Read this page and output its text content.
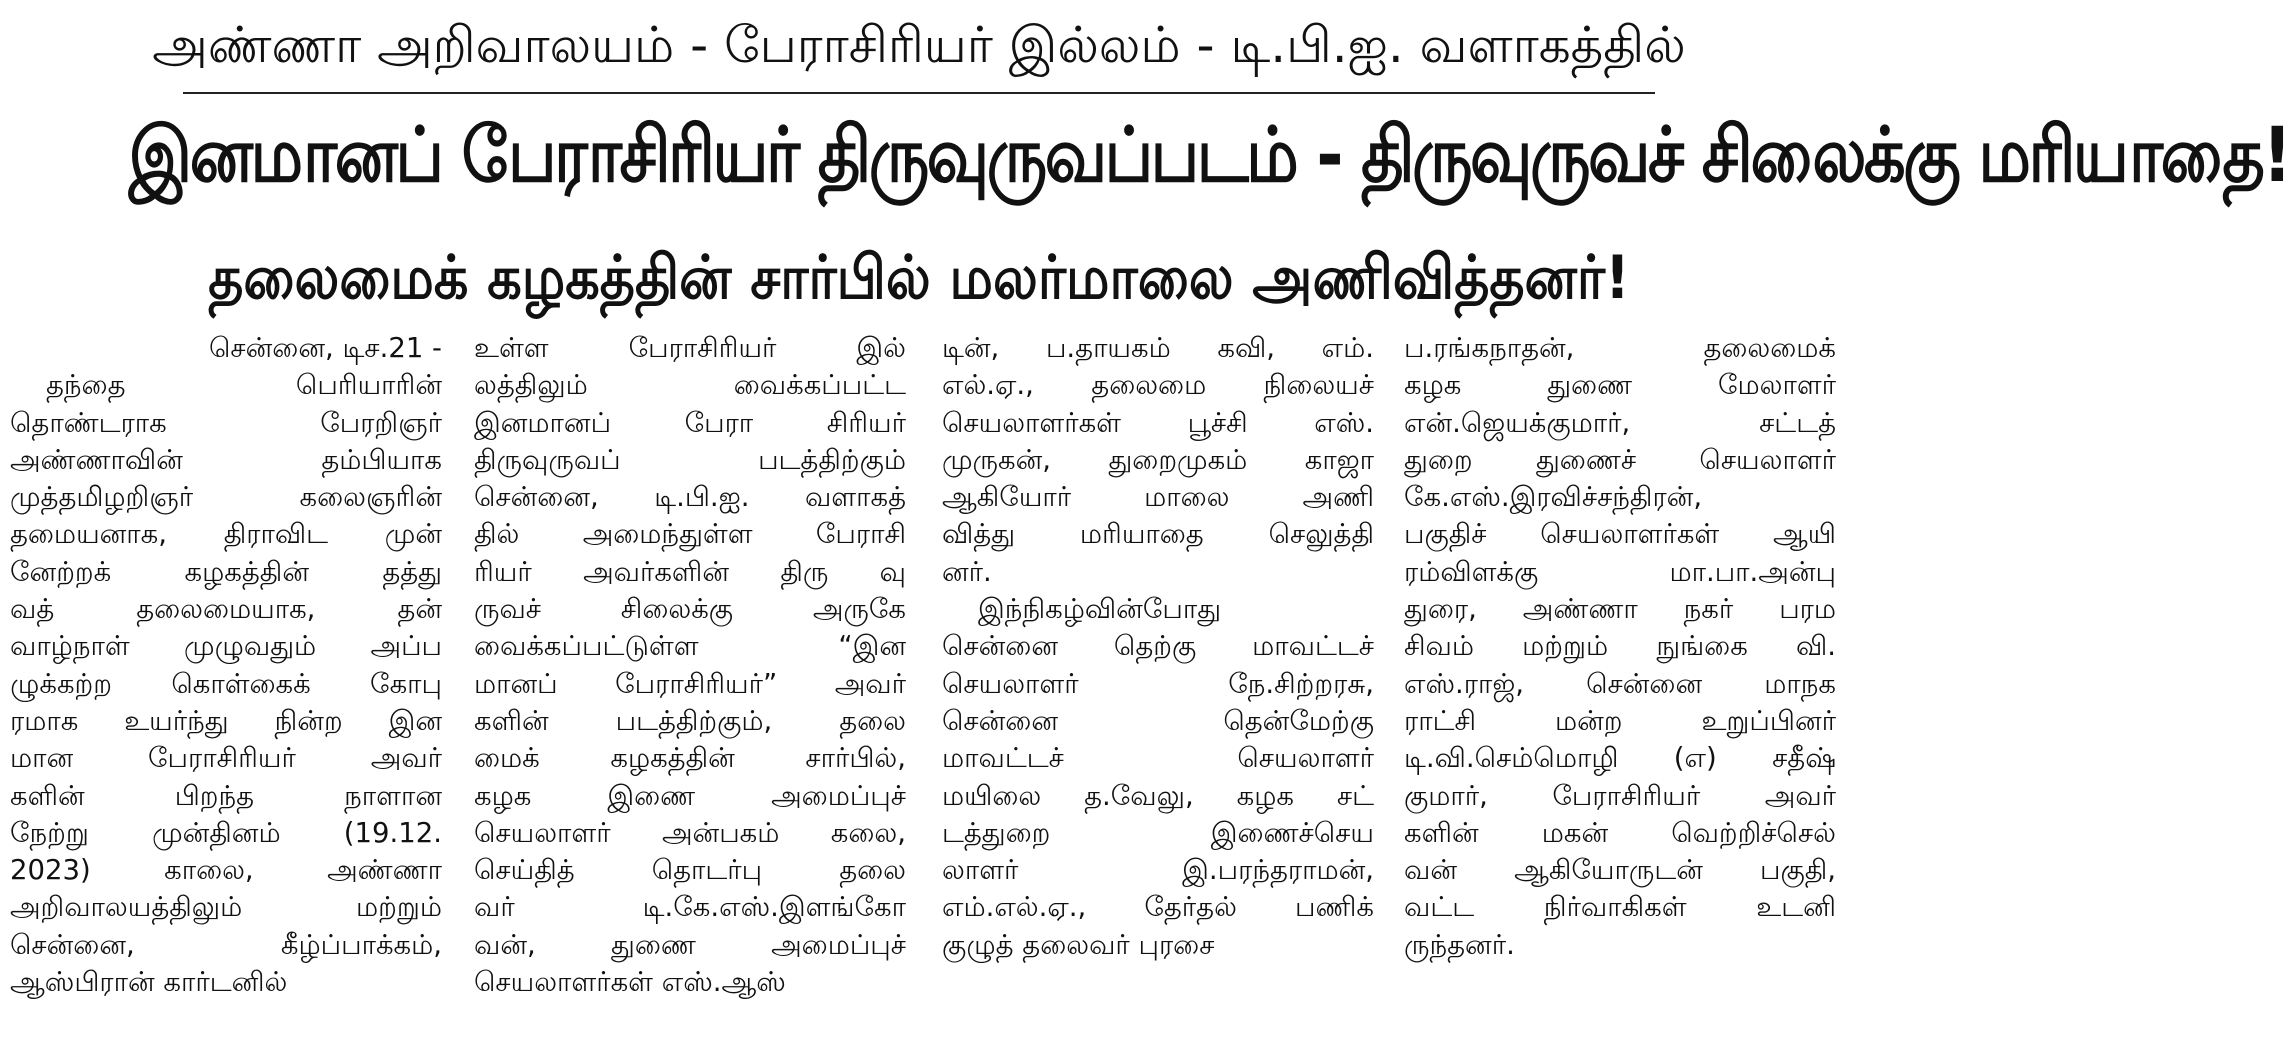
அண்ணா அறிவாலயம் - பேராசிரியர் இல்லம் - டி.பி.ஐ. வளாகத்தில்
இனமானப் பேராசிரியர் திருவுருவப்படம் - திருவுருவச் சிலைக்கு மரியாதை!
தலைமைக் கழகத்தின் சார்பில் மலர்மாலை அணிவித்தனர்!
சென்னை, டிச.21 -
தந்தை பெரியாரின்
தொண்டராக பேரறிஞர்
அண்ணாவின் தம்பியாக
முத்தமிழறிஞர் கலைஞரின்
தமையனாக, திராவிட முன்
னேற்றக் கழகத்தின் தத்து
வத் தலைமையாக, தன்
வாழ்நாள் முழுவதும் அப்ப
ழுக்கற்ற கொள்கைக் கோபு
ரமாக உயர்ந்து நின்ற இன
மான பேராசிரியர் அவர்
களின் பிறந்த நாளான
நேற்று முன்தினம் (19.12.
2023) காலை, அண்ணா
அறிவாலயத்திலும் மற்றும்
சென்னை, கீழ்ப்பாக்கம்,
ஆஸ்பிரான் கார்டனில்
உள்ள பேராசிரியர் இல்
லத்திலும் வைக்கப்பட்ட
இனமானப் பேரா சிரியர்
திருவுருவப் படத்திற்கும்
சென்னை, டி.பி.ஐ. வளாகத்
தில் அமைந்துள்ள பேராசி
ரியர் அவர்களின் திரு வு
ருவச் சிலைக்கு அருகே
வைக்கப்பட்டுள்ள “இன
மானப் பேராசிரியர்” அவர்
களின் படத்திற்கும், தலை
மைக் கழகத்தின் சார்பில்,
கழக இணை அமைப்புச்
செயலாளர் அன்பகம் கலை,
செய்தித் தொடர்பு தலை
வர் டி.கே.எஸ்.இளங்கோ
வன், துணை அமைப்புச்
செயலாளர்கள் எஸ்.ஆஸ்
டின், ப.தாயகம் கவி, எம்.
எல்.ஏ., தலைமை நிலையச்
செயலாளர்கள் பூச்சி எஸ்.
முருகன், துறைமுகம் காஜா
ஆகியோர் மாலை அணி
வித்து மரியாதை செலுத்தி
னர்.
இந்நிகழ்வின்போது
சென்னை தெற்கு மாவட்டச்
செயலாளர் நே.சிற்றரசு,
சென்னை தென்மேற்கு
மாவட்டச் செயலாளர்
மயிலை த.வேலு, கழக சட்
டத்துறை இணைச்செய
லாளர் இ.பரந்தராமன்,
எம்.எல்.ஏ., தேர்தல் பணிக்
குழுத் தலைவர் புரசை
ப.ரங்கநாதன், தலைமைக்
கழக துணை மேலாளர்
என்.ஜெயக்குமார், சட்டத்
துறை துணைச் செயலாளர்
கே.எஸ்.இரவிச்சந்திரன்,
பகுதிச் செயலாளர்கள் ஆயி
ரம்விளக்கு மா.பா.அன்பு
துரை, அண்ணா நகர் பரம
சிவம் மற்றும் நுங்கை வி.
எஸ்.ராஜ், சென்னை மாநக
ராட்சி மன்ற உறுப்பினர்
டி.வி.செம்மொழி (எ) சதீஷ்
குமார், பேராசிரியர் அவர்
களின் மகன் வெற்றிச்செல்
வன் ஆகியோருடன் பகுதி,
வட்ட நிர்வாகிகள் உடனி
ருந்தனர்.
